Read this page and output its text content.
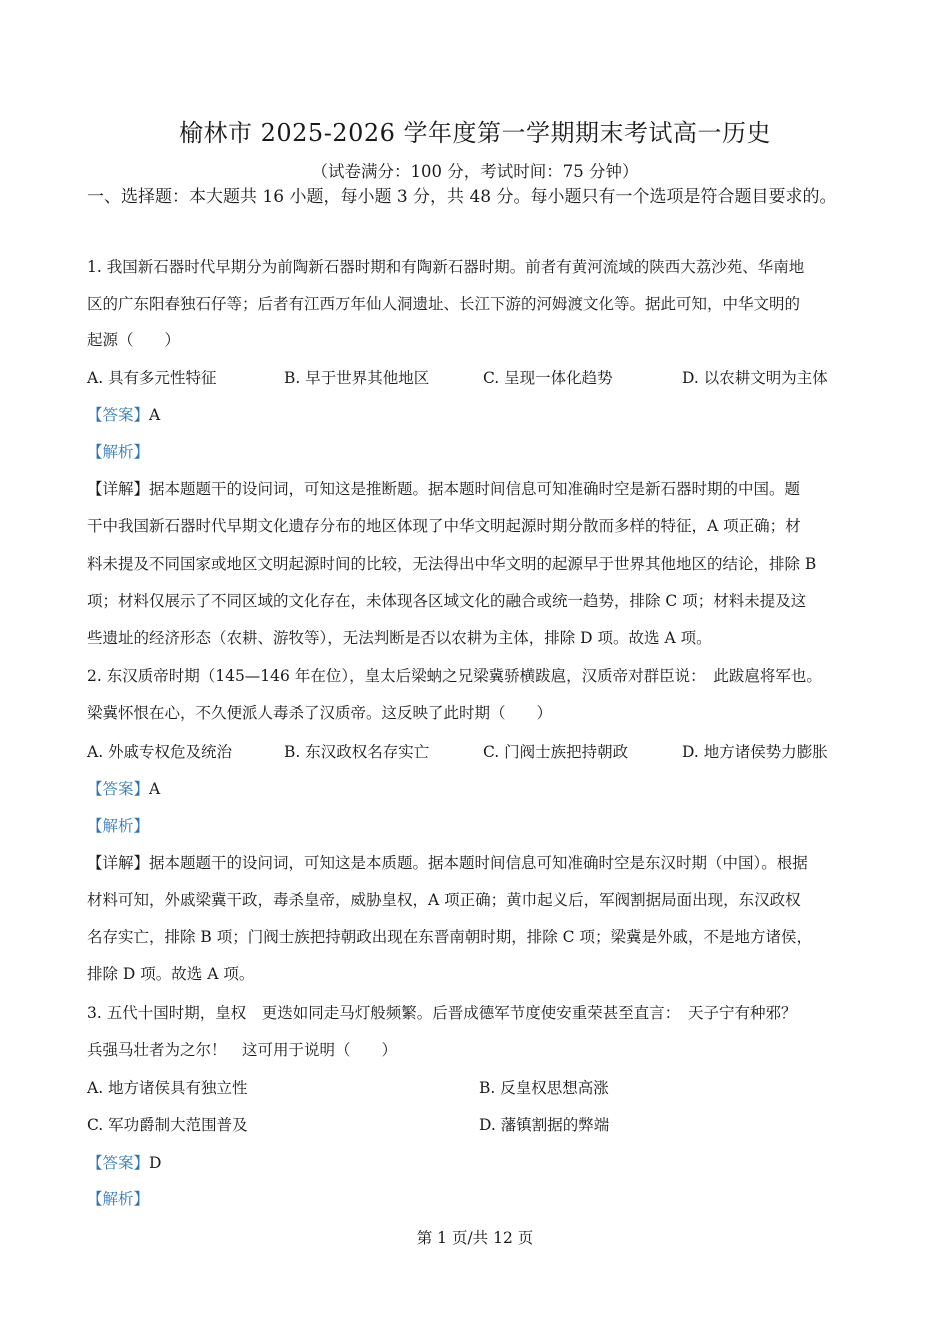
榆林市 2025-2026 学年度第一学期期末考试高一历史
（试卷满分：100 分，考试时间：75 分钟）
一、选择题：本大题共 16 小题，每小题 3 分，共 48 分。每小题只有一个选项是符合题目要求的。
1. 我国新石器时代早期分为前陶新石器时期和有陶新石器时期。前者有黄河流域的陕西大荔沙苑、华南地
区的广东阳春独石仔等；后者有江西万年仙人洞遗址、长江下游的河姆渡文化等。据此可知，中华文明的
起源（　　）
A. 具有多元性特征	B. 早于世界其他地区	C. 呈现一体化趋势	D. 以农耕文明为主体
【答案】A
【解析】
【详解】据本题题干的设问词，可知这是推断题。据本题时间信息可知准确时空是新石器时期的中国。题
干中我国新石器时代早期文化遗存分布的地区体现了中华文明起源时期分散而多样的特征，A 项正确；材
料未提及不同国家或地区文明起源时间的比较，无法得出中华文明的起源早于世界其他地区的结论，排除 B
项；材料仅展示了不同区域的文化存在，未体现各区域文化的融合或统一趋势，排除 C 项；材料未提及这
些遗址的经济形态（农耕、游牧等），无法判断是否以农耕为主体，排除 D 项。故选 A 项。
2. 东汉质帝时期（145—146 年在位），皇太后梁蚋之兄梁冀骄横跋扈，汉质帝对群臣说：　此跋扈将军也。
梁冀怀恨在心，不久便派人毒杀了汉质帝。这反映了此时期（　　）
A. 外戚专权危及统治	B. 东汉政权名存实亡	C. 门阀士族把持朝政	D. 地方诸侯势力膨胀
【答案】A
【解析】
【详解】据本题题干的设问词，可知这是本质题。据本题时间信息可知准确时空是东汉时期（中国）。根据
材料可知，外戚梁冀干政，毒杀皇帝，威胁皇权，A 项正确；黄巾起义后，军阀割据局面出现，东汉政权
名存实亡，排除 B 项；门阀士族把持朝政出现在东晋南朝时期，排除 C 项；梁冀是外戚，不是地方诸侯，
排除 D 项。故选 A 项。
3. 五代十国时期，皇权　更迭如同走马灯般频繁。后晋成德军节度使安重荣甚至直言：　天子宁有种邪？
兵强马壮者为之尔！　这可用于说明（　　）
A. 地方诸侯具有独立性	B. 反皇权思想高涨
C. 军功爵制大范围普及	D. 藩镇割据的弊端
【答案】D
【解析】
第 1 页/共 12 页
